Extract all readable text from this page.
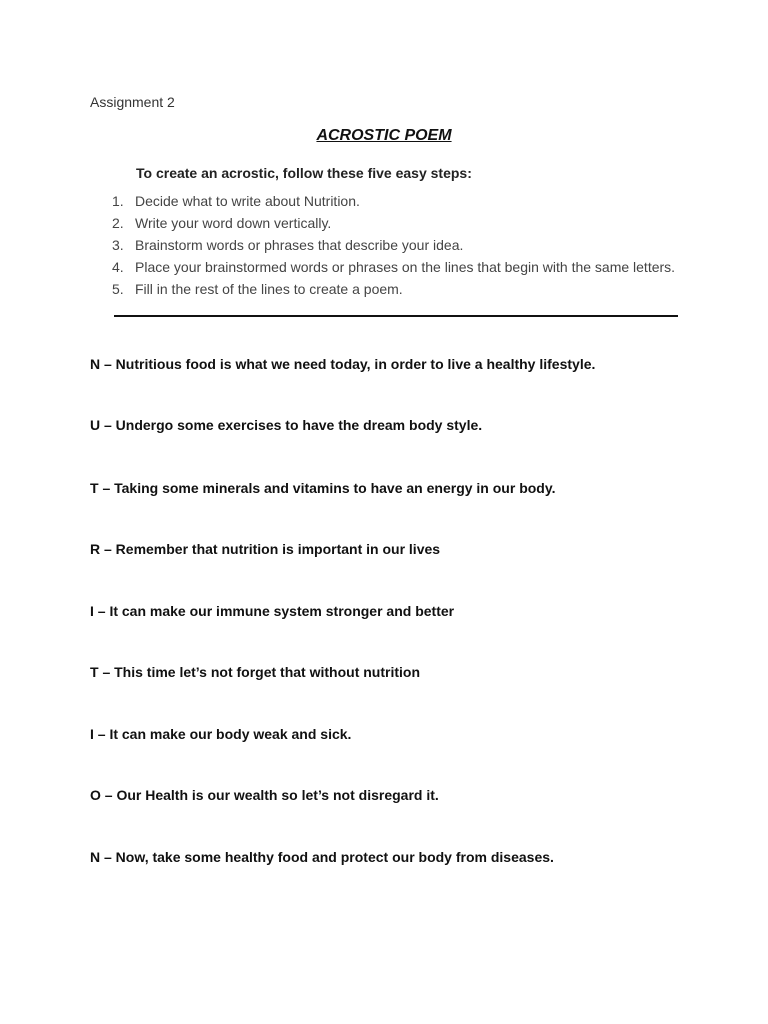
Assignment 2
ACROSTIC POEM
To create an acrostic, follow these five easy steps:
1. Decide what to write about Nutrition.
2. Write your word down vertically.
3. Brainstorm words or phrases that describe your idea.
4. Place your brainstormed words or phrases on the lines that begin with the same letters.
5. Fill in the rest of the lines to create a poem.
N – Nutritious food is what we need today, in order to live a healthy lifestyle.
U – Undergo some exercises to have the dream body style.
T – Taking some minerals and vitamins to have an energy in our body.
R – Remember that nutrition is important in our lives
I – It can make our immune system stronger and better
T – This time let’s not forget that without nutrition
I – It can make our body weak and sick.
O – Our Health is our wealth so let’s not disregard it.
N – Now, take some healthy food and protect our body from diseases.
